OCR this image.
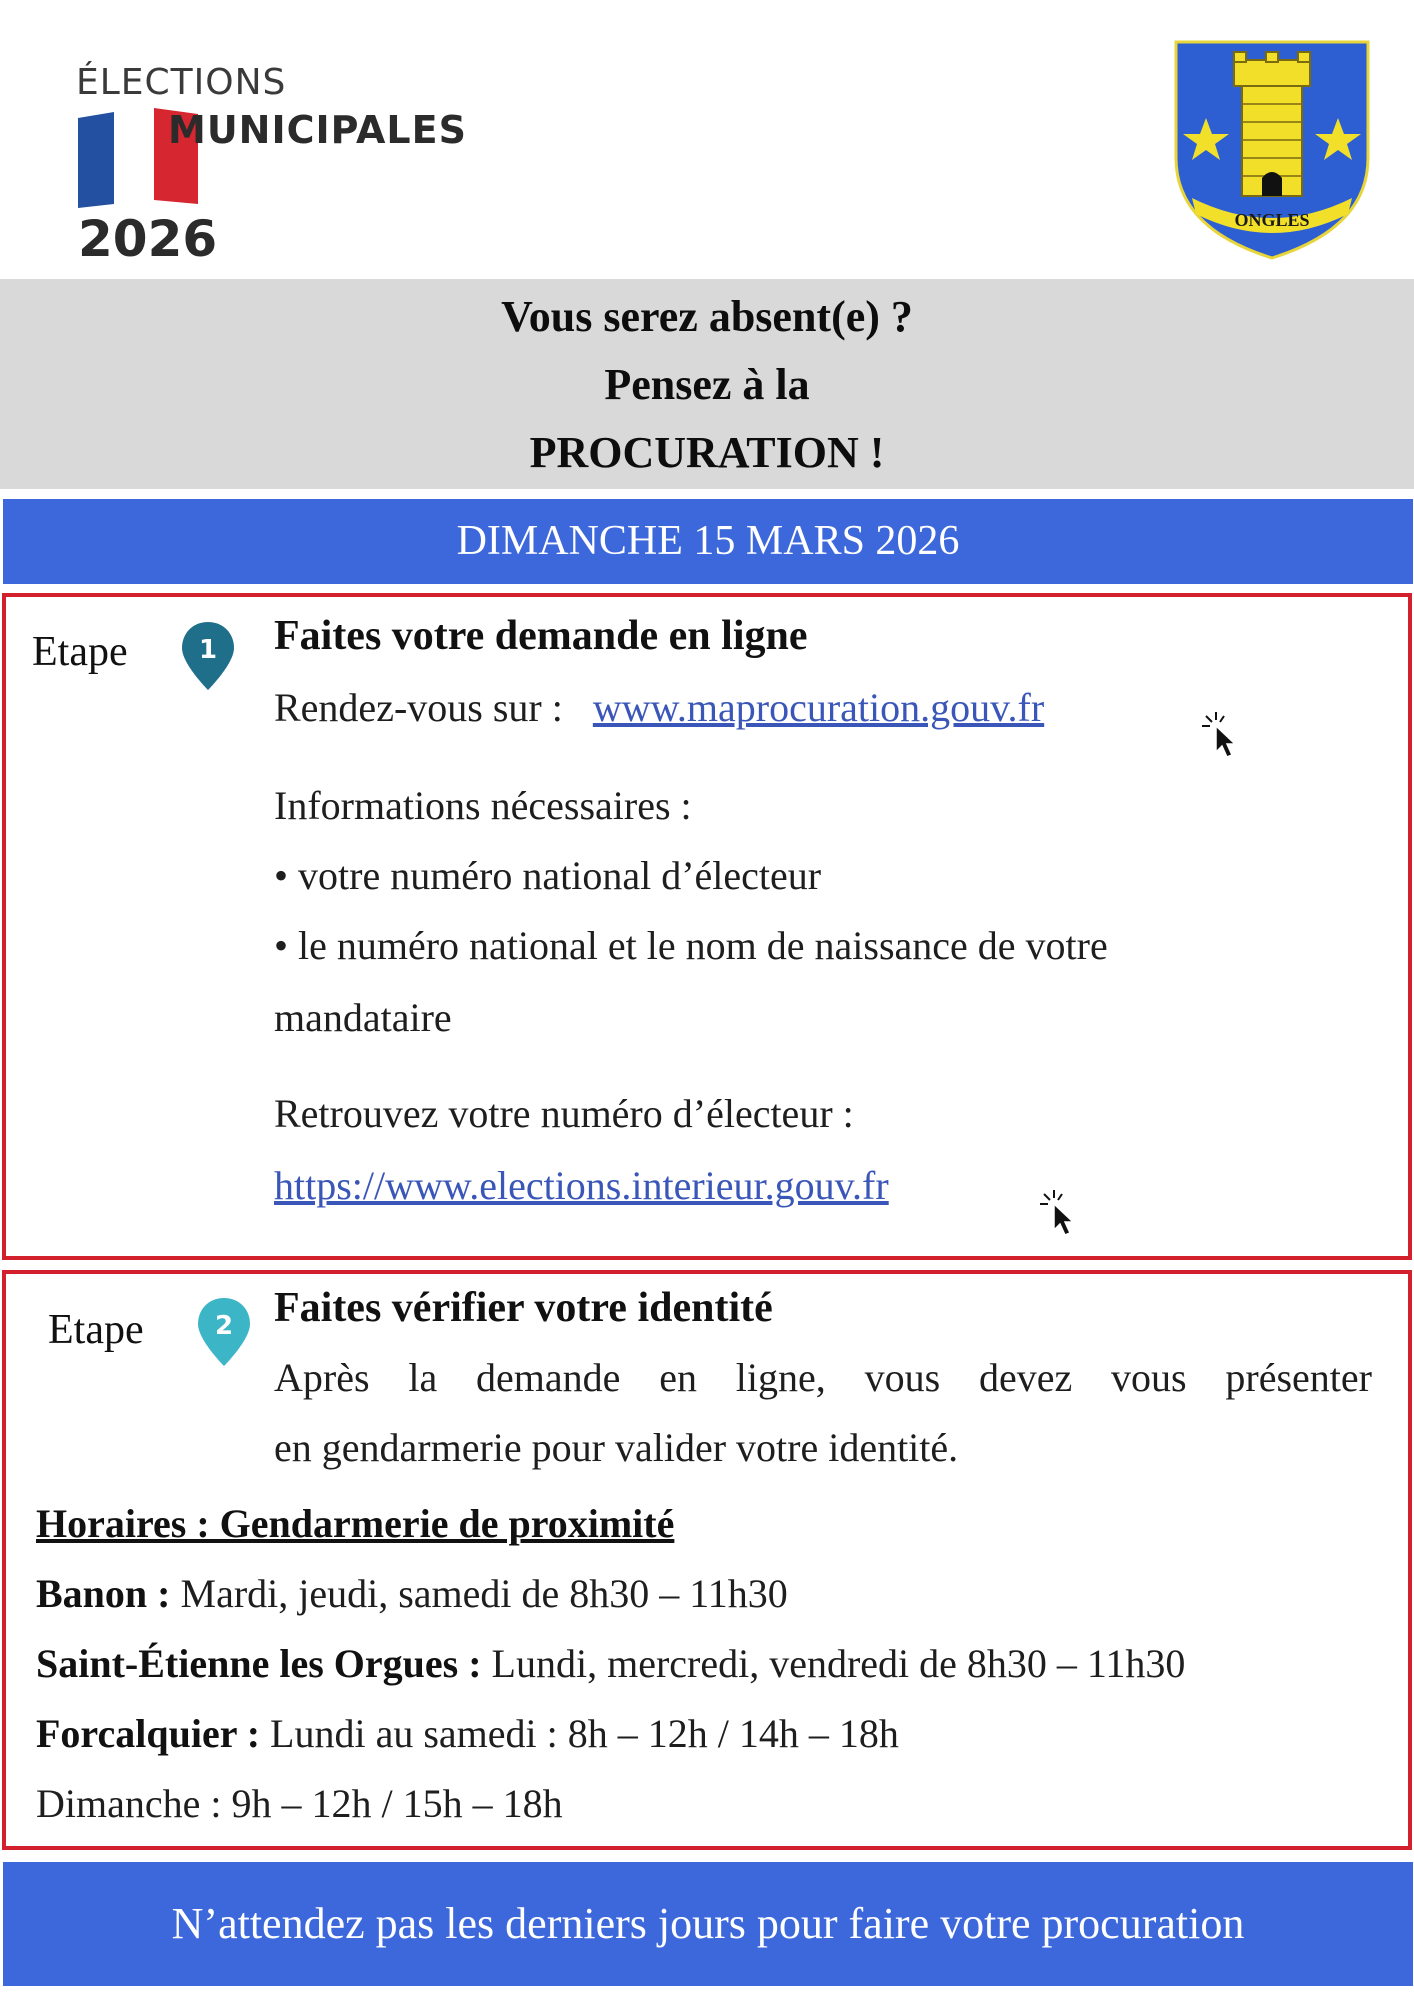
ÉLECTIONS
MUNICIPALES
2026	ONGLES
Vous serez absent(e) ?
Pensez à la
PROCURATION !
DIMANCHE 15 MARS 2026
Etape	1 Faites votre demande en ligne
Rendez-vous sur : www.maprocuration.gouv.fr
Informations nécessaires :
• votre numéro national d’électeur
• le numéro national et le nom de naissance de votre
mandataire
Retrouvez votre numéro d’électeur :
https://www.elections.interieur.gouv.fr
Etape	2 Faites vérifier votre identité
Après la demande en ligne, vous devez vous présenter
en gendarmerie pour valider votre identité.
Horaires : Gendarmerie de proximité
Banon : Mardi, jeudi, samedi de 8h30 – 11h30
Saint-Étienne les Orgues : Lundi, mercredi, vendredi de 8h30 – 11h30
Forcalquier : Lundi au samedi : 8h – 12h / 14h – 18h
Dimanche : 9h – 12h / 15h – 18h
N’attendez pas les derniers jours pour faire votre procuration
